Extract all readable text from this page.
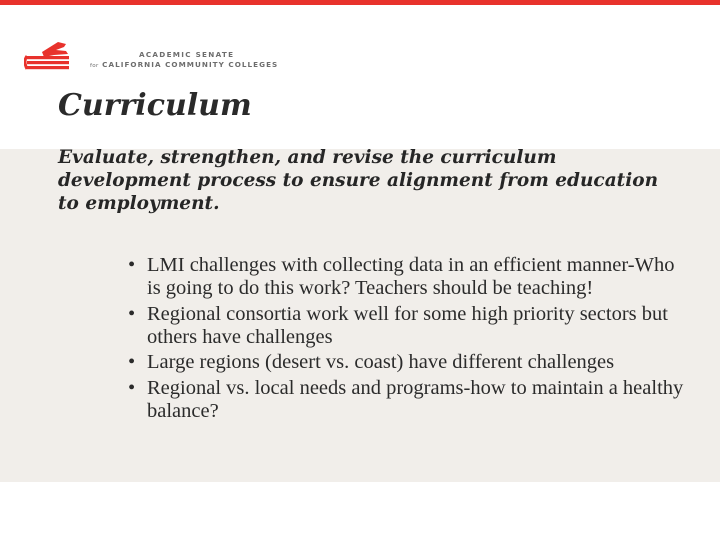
ACADEMIC SENATE
for CALIFORNIA COMMUNITY COLLEGES
Curriculum

Evaluate, strengthen, and revise the curriculum development process to ensure alignment from education to employment.

• LMI challenges with collecting data in an efficient manner-Who is going to do this work? Teachers should be teaching!
• Regional consortia work well for some high priority sectors but others have challenges
• Large regions (desert vs. coast) have different challenges
• Regional vs. local needs and programs-how to maintain a healthy balance?
